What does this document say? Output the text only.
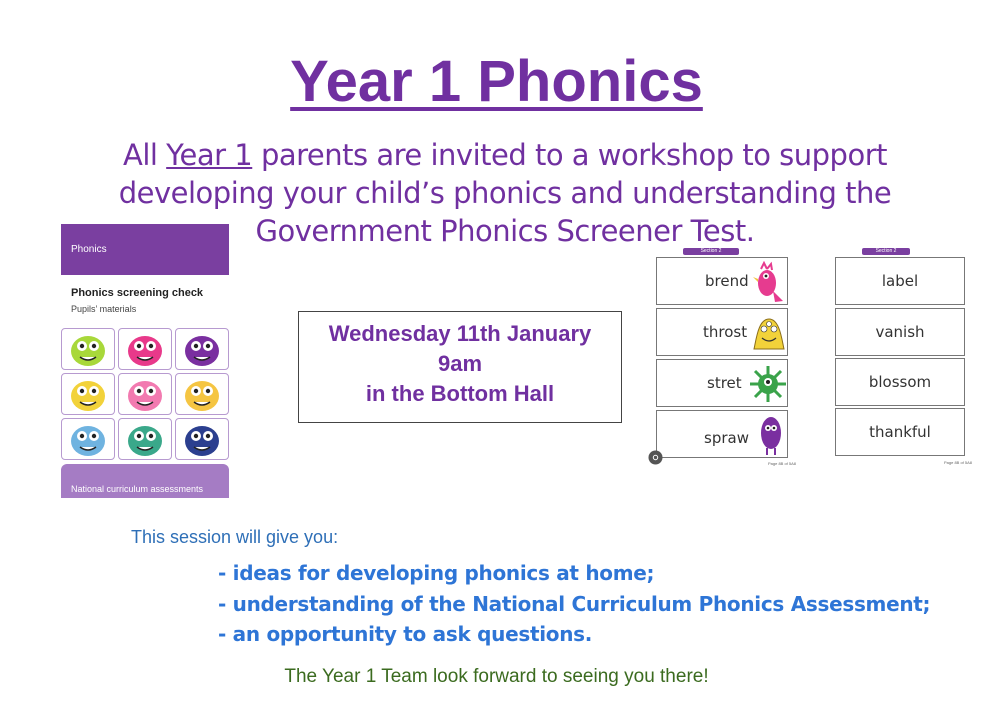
Year 1 Phonics
All Year 1 parents are invited to a workshop to support developing your child’s phonics and understanding the Government Phonics Screener Test.
Phonics
Phonics screening check
Pupils’ materials
National curriculum assessments
Wednesday 11th January
9am
in the Bottom Hall
Section 2
brend
throst
stret
spraw
Page 8B of 5A8
Section 2
label
vanish
blossom
thankful
Page 8B of 5A8
This session will give you:
- ideas for developing phonics at home;
- understanding of the National Curriculum Phonics Assessment;
- an opportunity to ask questions.
The Year 1 Team look forward to seeing you there!
